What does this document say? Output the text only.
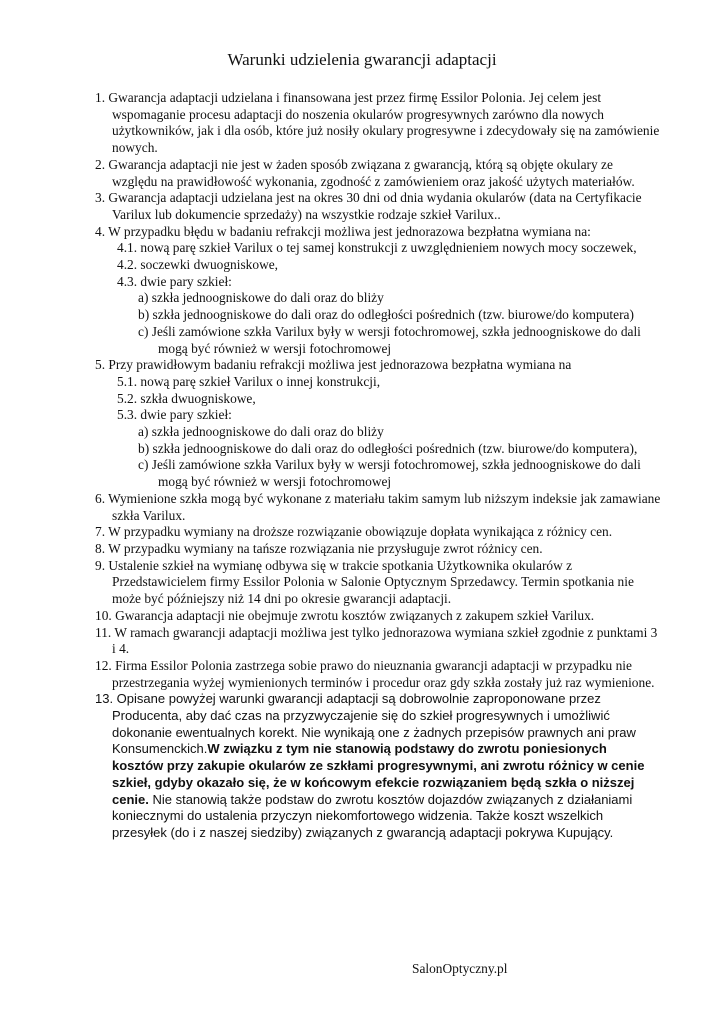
Warunki udzielenia gwarancji adaptacji
1. Gwarancja adaptacji udzielana i finansowana jest przez firmę Essilor Polonia. Jej celem jest wspomaganie procesu adaptacji do noszenia okularów progresywnych zarówno dla nowych użytkowników, jak i dla osób, które już nosiły okulary progresywne i zdecydowały się na zamówienie nowych.
2. Gwarancja adaptacji nie jest w żaden sposób związana z gwarancją, którą są objęte okulary ze względu na prawidłowość wykonania, zgodność z zamówieniem oraz jakość użytych materiałów.
3. Gwarancja adaptacji udzielana jest na okres 30 dni od dnia wydania okularów (data na Certyfikacie Varilux lub dokumencie sprzedaży) na wszystkie rodzaje szkieł Varilux..
4. W przypadku błędu w badaniu refrakcji możliwa jest jednorazowa bezpłatna wymiana na:
4.1. nową parę szkieł Varilux o tej samej konstrukcji z uwzględnieniem nowych mocy soczewek,
4.2. soczewki dwuogniskowe,
4.3. dwie pary szkieł:
a) szkła jednoogniskowe do dali oraz do bliży
b) szkła jednoogniskowe do dali oraz do odległości pośrednich (tzw. biurowe/do komputera)
c) Jeśli zamówione szkła Varilux były w wersji fotochromowej, szkła jednoogniskowe do dali mogą być również w wersji fotochromowej
5. Przy prawidłowym badaniu refrakcji możliwa jest jednorazowa bezpłatna wymiana na
5.1. nową parę szkieł Varilux o innej konstrukcji,
5.2. szkła dwuogniskowe,
5.3. dwie pary szkieł:
a) szkła jednoogniskowe do dali oraz do bliży
b) szkła jednoogniskowe do dali oraz do odległości pośrednich (tzw. biurowe/do komputera),
c) Jeśli zamówione szkła Varilux były w wersji fotochromowej, szkła jednoogniskowe do dali mogą być również w wersji fotochromowej
6. Wymienione szkła mogą być wykonane z materiału takim samym lub niższym indeksie jak zamawiane szkła Varilux.
7. W przypadku wymiany na droższe rozwiązanie obowiązuje dopłata wynikająca z różnicy cen.
8. W przypadku wymiany na tańsze rozwiązania nie przysługuje zwrot różnicy cen.
9. Ustalenie szkieł na wymianę odbywa się w trakcie spotkania Użytkownika okularów z Przedstawicielem firmy Essilor Polonia w Salonie Optycznym Sprzedawcy. Termin spotkania nie może być późniejszy niż 14 dni po okresie gwarancji adaptacji.
10. Gwarancja adaptacji nie obejmuje zwrotu kosztów związanych z zakupem szkieł Varilux.
11. W ramach gwarancji adaptacji możliwa jest tylko jednorazowa wymiana szkieł zgodnie z punktami 3 i 4.
12. Firma Essilor Polonia zastrzega sobie prawo do nieuznania gwarancji adaptacji w przypadku nie przestrzegania wyżej wymienionych terminów i procedur oraz gdy szkła zostały już raz wymienione.
13. Opisane powyżej warunki gwarancji adaptacji są dobrowolnie zaproponowane przez Producenta, aby dać czas na przyzwyczajenie się do szkieł progresywnych i umożliwić dokonanie ewentualnych korekt. Nie wynikają one z żadnych przepisów prawnych ani praw Konsumenckich.W związku z tym nie stanowią podstawy do zwrotu poniesionych kosztów przy zakupie okularów ze szkłami progresywnymi, ani zwrotu różnicy w cenie szkieł, gdyby okazało się, że w końcowym efekcie rozwiązaniem będą szkła o niższej cenie. Nie stanowią także podstaw do zwrotu kosztów dojazdów związanych z działaniami koniecznymi do ustalenia przyczyn niekomfortowego widzenia. Także koszt wszelkich przesyłek (do i z naszej siedziby) związanych z gwarancją adaptacji pokrywa Kupujący.
SalonOptyczny.pl
